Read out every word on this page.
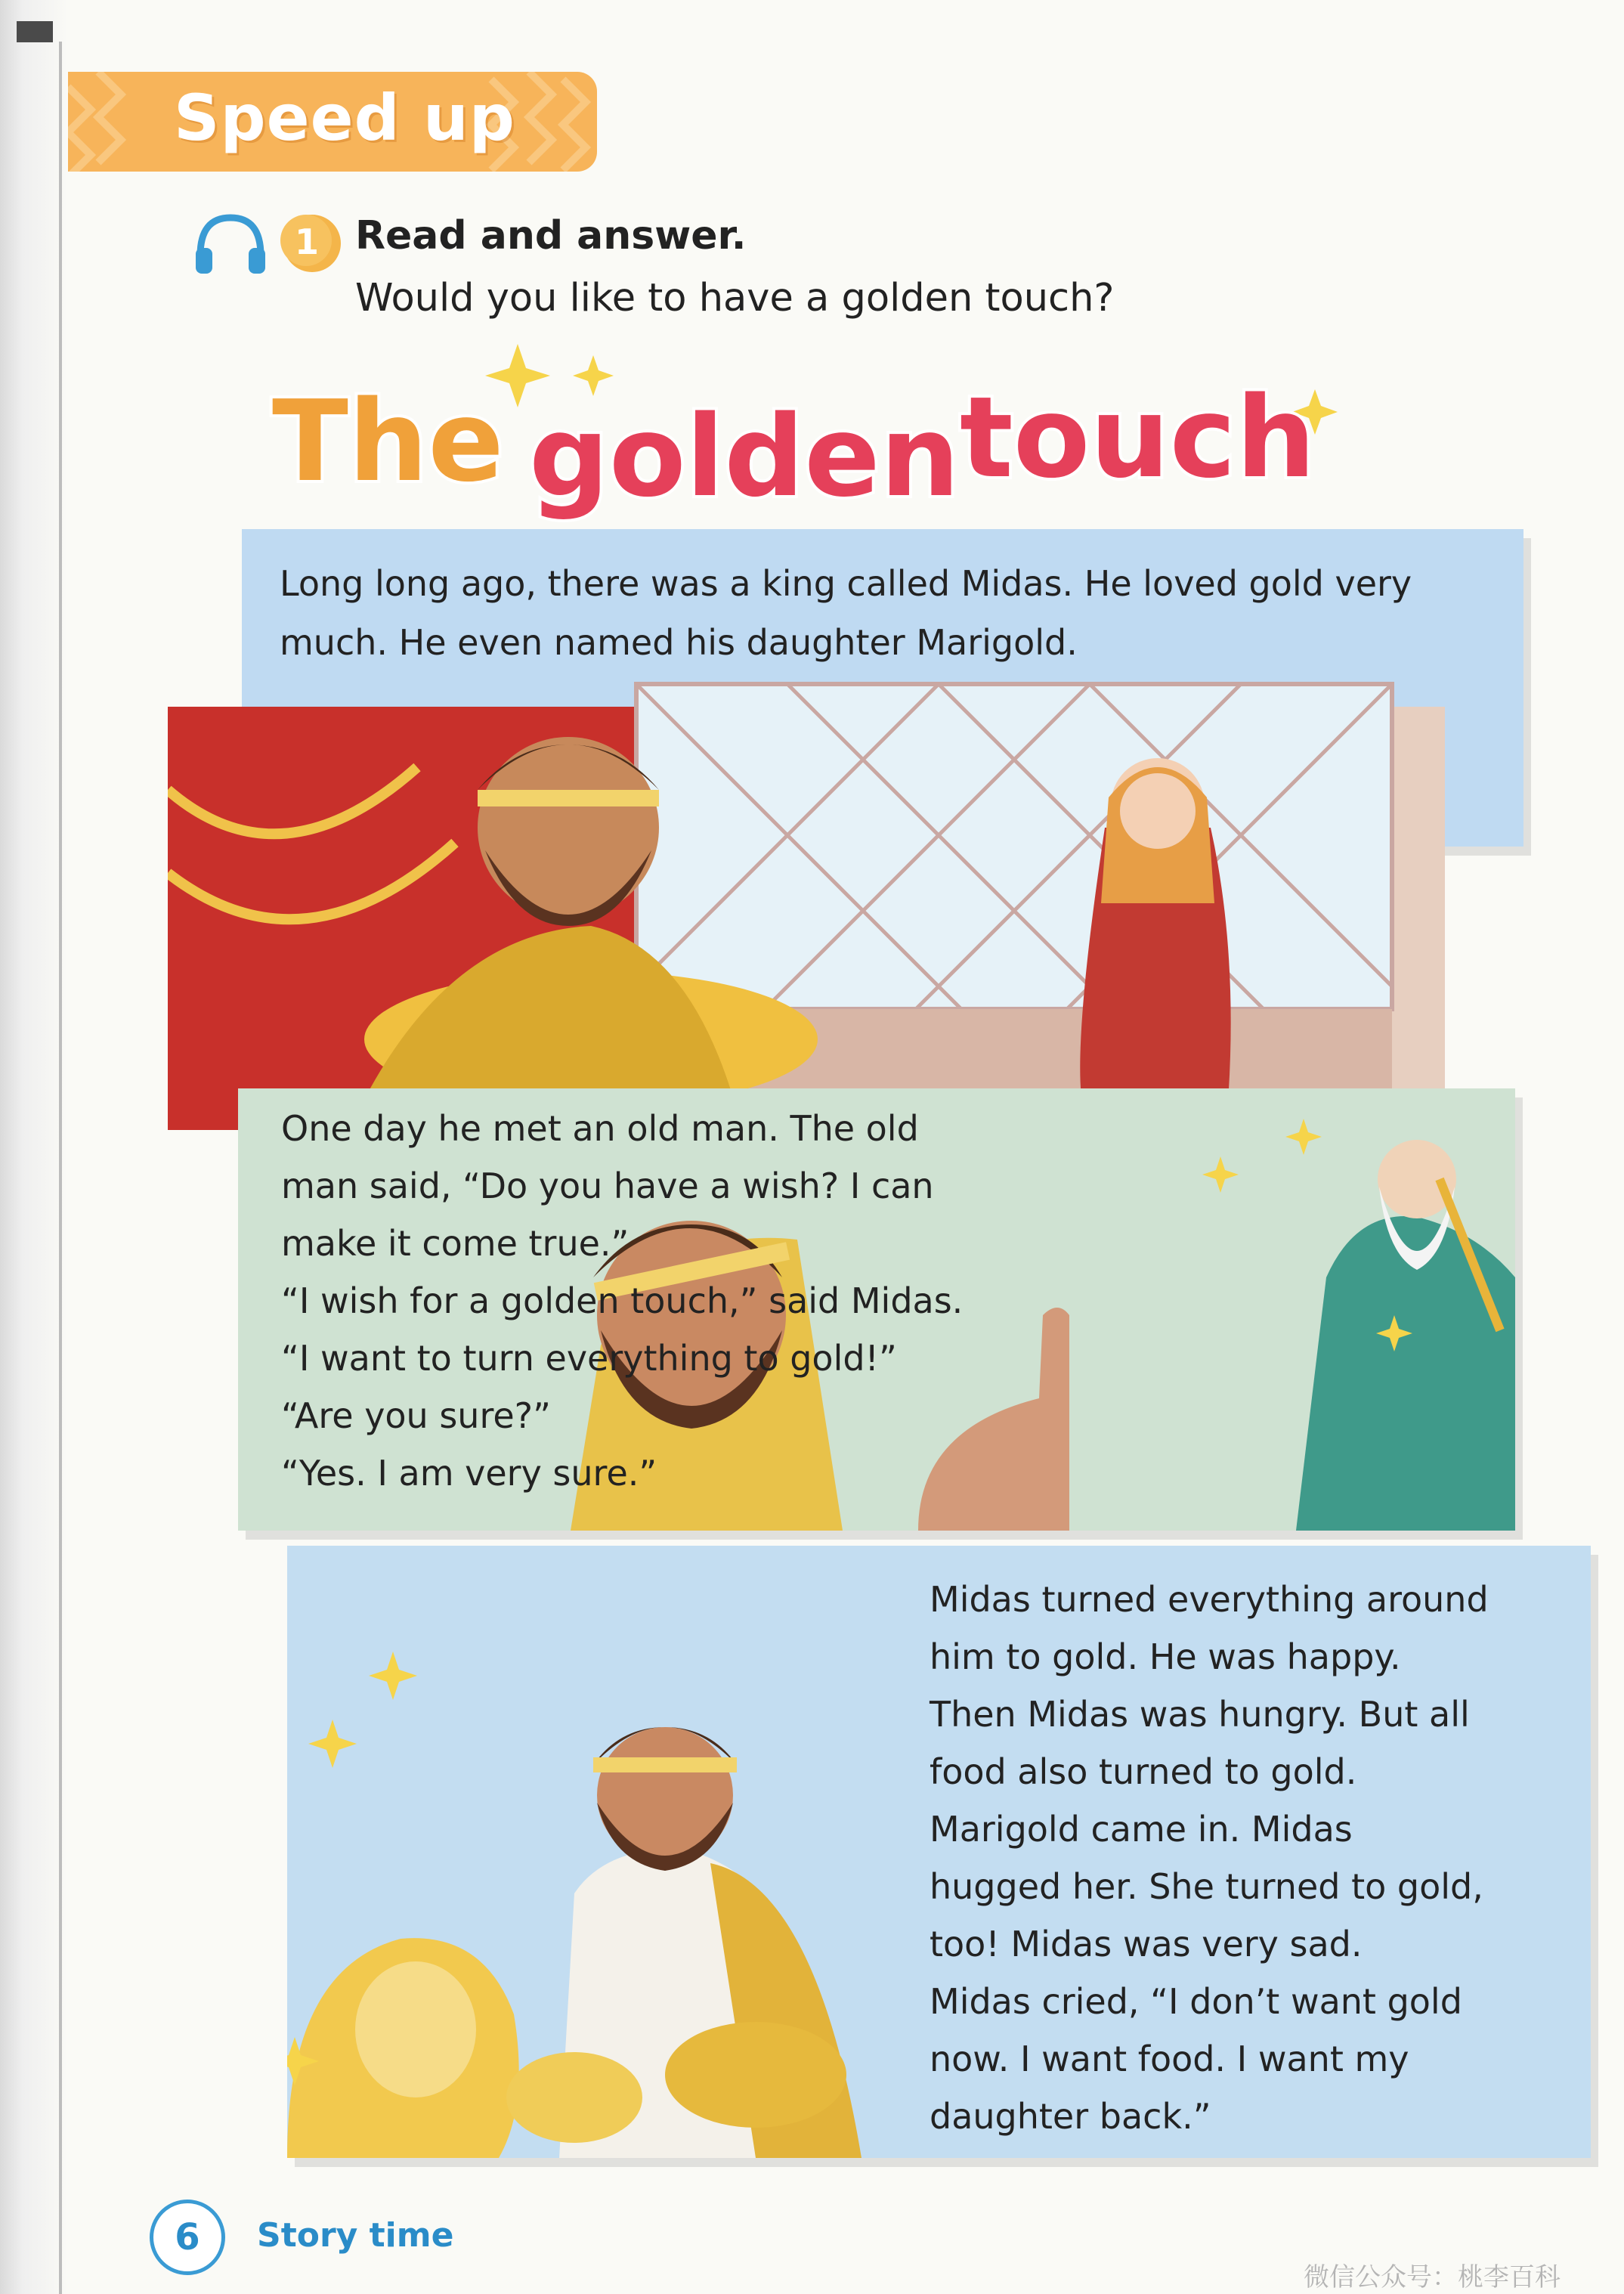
Speed up
1 Read and answer.
Would you like to have a golden touch?
The golden touch
Long long ago, there was a king called Midas. He loved gold very
much. He even named his daughter Marigold.
One day he met an old man. The old
man said, “Do you have a wish? I can
make it come true.”
“I wish for a golden touch,” said Midas.
“I want to turn everything to gold!”
“Are you sure?”
“Yes. I am very sure.”
Midas turned everything around
him to gold. He was happy.
Then Midas was hungry. But all
food also turned to gold.
Marigold came in. Midas
hugged her. She turned to gold,
too! Midas was very sad.
Midas cried, “I don’t want gold
now. I want food. I want my
daughter back.”
6	Story time
微信公众号：桃李百科
